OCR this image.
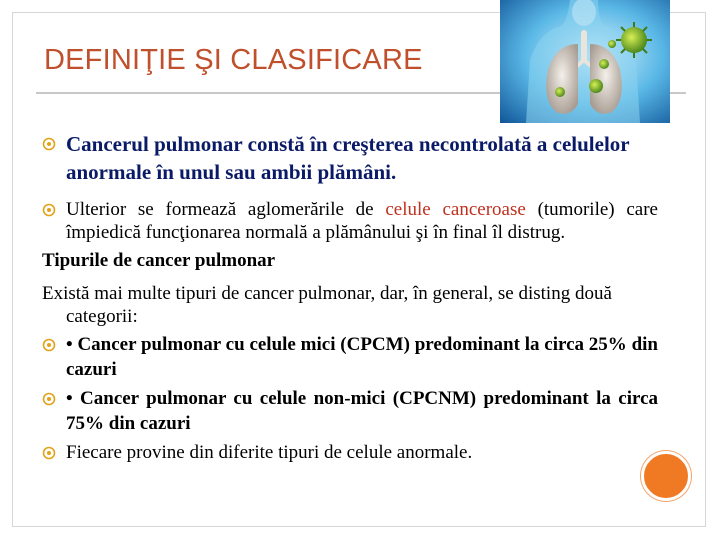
DEFINIŢIE ŞI CLASIFICARE

Cancerul pulmonar constă în creşterea necontrolată a celulelor anormale în unul sau ambii plămâni.

Ulterior se formează aglomerările de celule canceroase (tumorile) care împiedică funcţionarea normală a plămânului şi în final îl distrug.

Tipurile de cancer pulmonar

Există mai multe tipuri de cancer pulmonar, dar, în general, se disting două categorii:

• Cancer pulmonar cu celule mici (CPCM) predominant la circa 25% din cazuri

• Cancer pulmonar cu celule non-mici (CPCNM) predominant la circa 75% din cazuri

Fiecare provine din diferite tipuri de celule anormale.
